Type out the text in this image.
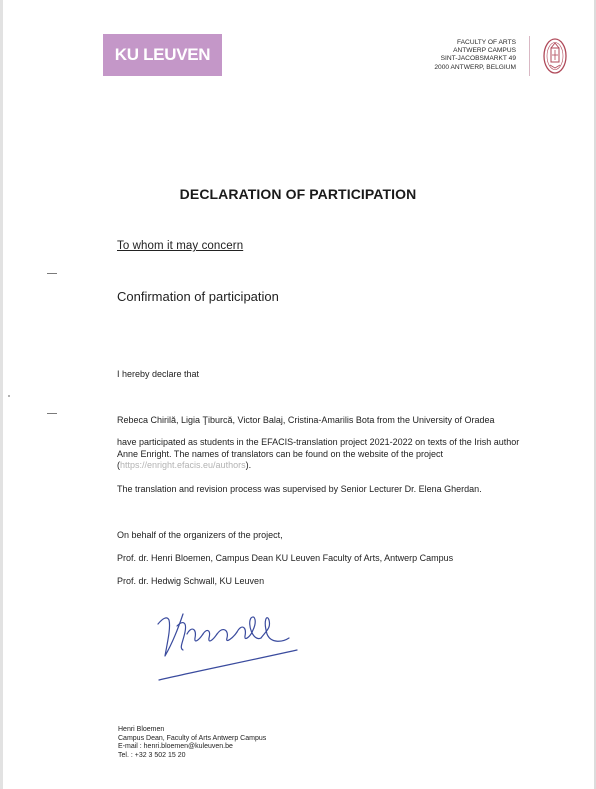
KU LEUVEN
FACULTY OF ARTS
ANTWERP CAMPUS
SINT-JACOBSMARKT 49
2000 ANTWERP, BELGIUM
DECLARATION OF PARTICIPATION
To whom it may concern
Confirmation of participation
I hereby declare that
Rebeca Chirilă, Ligia Ţiburcă, Victor Balaj, Cristina-Amarilis Bota from the University of Oradea
have participated as students in the EFACIS-translation project 2021-2022 on texts of the Irish author Anne Enright. The names of translators can be found on the website of the project (https://enright.efacis.eu/authors).
The translation and revision process was supervised by Senior Lecturer Dr. Elena Gherdan.
On behalf of the organizers of the project,
Prof. dr. Henri Bloemen, Campus Dean KU Leuven Faculty of Arts, Antwerp Campus
Prof. dr. Hedwig Schwall, KU Leuven
Henri Bloemen
Campus Dean, Faculty of Arts Antwerp Campus
E-mail : henri.bloemen@kuleuven.be
Tel. : +32 3 502 15 20
